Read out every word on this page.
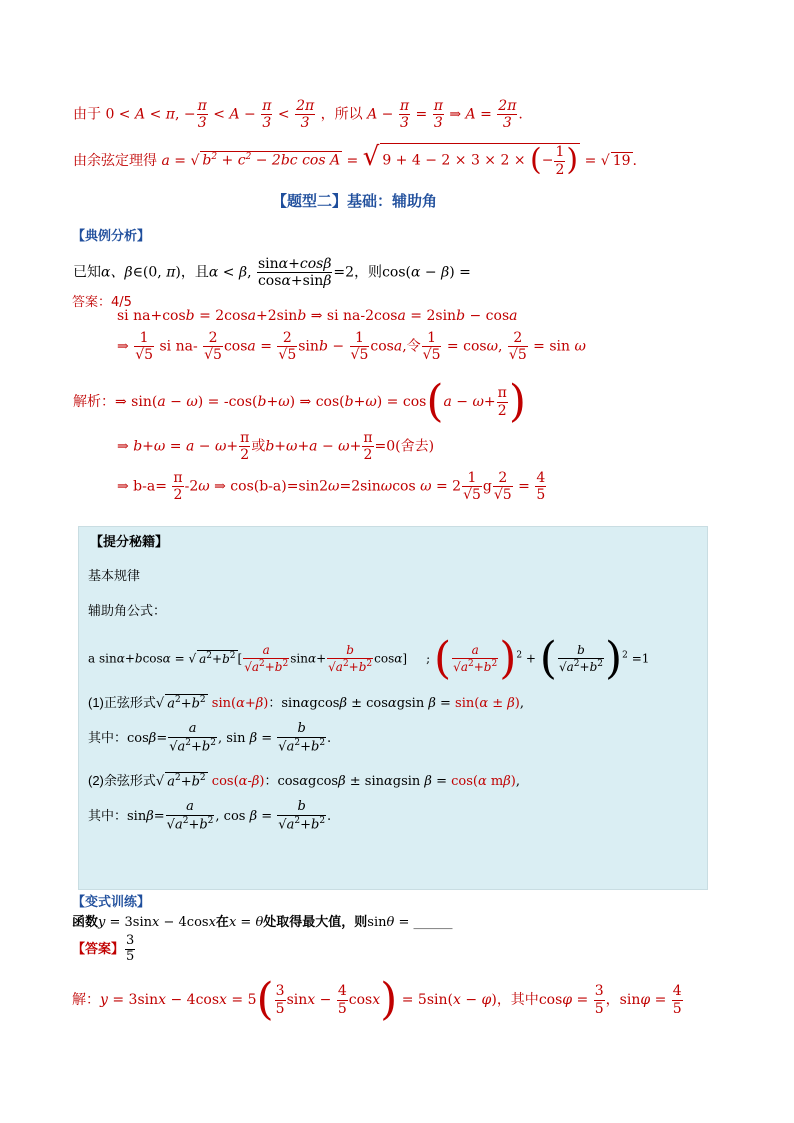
由于 0 < A < π, − $\frac{\pi}{3} < A - \frac{\pi}{3} < \frac{2\pi}{3}$ ，所以 $A - \frac{\pi}{3} = \frac{\pi}{3}$ ⇒ $A = \frac{2\pi}{3}$ .
由余弦定理得 a = √ $b^2 + c^2 - 2bc$ cos A = √ 9 + 4 − 2 × 3 × 2 × (− $\frac{1}{2}$ ) = √ 19 .
【题型二】基础：辅助角
【典例分析】
已知α、β∈(0, π)，且α < β, $\frac{\sin\alpha+\cos\beta}{\cos\alpha+\sin\beta} =2$，则cos(α − β) =
答案：4/5
si na+cosb = 2cosa+2sinb ⇒ si na-2cosa = 2sinb − cosa
⇒ $\frac{1}{√5}$ si $na- \frac{2}{√5}$ $\cos a = \frac{2}{√5}$ $\sin b - \frac{1}{√5} \cos a$,令 $\frac{1}{√5} = \cos\omega$, $\frac{2}{√5} = \sin \omega$
解析：⇒ sin(a − ω) = -cos(b+ω) ⇒ $\cos(b+\omega) = \cos(a - \omega+ \frac{\pi}{2}$ )
⇒ $b+\omega = a - \omega+ \frac{\pi}{2}$ 或$b+\omega+a - \omega+ \frac{\pi}{2} =0$(舍去)
⇒ $b-a= \frac{\pi}{2} -2\omega$ ⇒ cos(b-a)=sin2ω=2sinωcos $\omega = 2 \frac{1}{√5}$ g $\frac{2}{√5} = \frac{4}{5}$
【提分秘籍】
基本规律
辅助角公式：
a sinα+bcosα = √ $a^2+b^2$ [ $\frac{a}{√a^2+b^2} \sin\alpha+ \frac{b}{√a^2+b^2} \cos\alpha$]     ; ( $\frac{a}{√a^2+b^2} )^2$ + ( $\frac{b}{√a^2+b^2} )^2 =1$
(1)正弦形式√ $a^2+b^2$ sin(α+β)：sinαgcosβ ± cosαgsin β = sin(α ± β),
其中：$\cos\beta= \frac{a}{√a^2+b^2}$ , $\sin \beta = \frac{b}{√a^2+b^2}$ .
(2)余弦形式√ $a^2+b^2$ cos(α-β)：cosαgcosβ ± sinαgsin β = cos(α mβ),
其中：$\sin\beta= \frac{a}{√a^2+b^2}$ , $\cos \beta = \frac{b}{√a^2+b^2}$ .
【变式训练】
函数y = 3sinx − 4cosx在x = θ处取得最大值，则sinθ = ______
【答案】 $\frac{3}{5}$
解：$y = 3\sin x - 4\cos x = 5( \frac{3}{5}$ $\sin x - \frac{4}{5} \cos x) = 5\sin(x - \varphi)$，其中$\cos\varphi = \frac{3}{5}$ ，$\sin\varphi = \frac{4}{5}$
